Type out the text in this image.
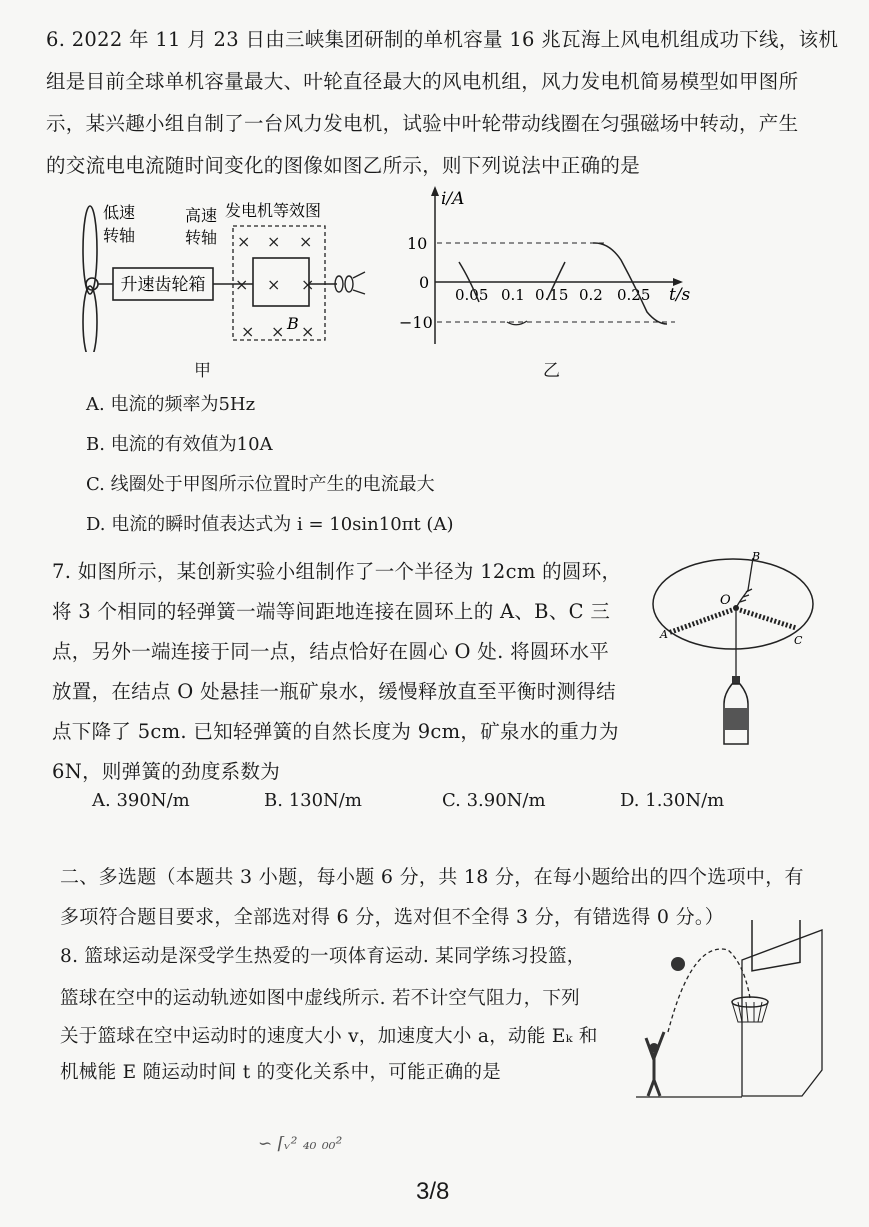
6. 2022 年 11 月 23 日由三峡集团研制的单机容量 16 兆瓦海上风电机组成功下线，该机
组是目前全球单机容量最大、叶轮直径最大的风电机组，风力发电机简易模型如甲图所
示，某兴趣小组自制了一台风力发电机，试验中叶轮带动线圈在匀强磁场中转动，产生
的交流电电流随时间变化的图像如图乙所示，则下列说法中正确的是
升速齿轮箱
低速
转轴
高速
转轴
发电机等效图
× × ×
× × ×
× × ×
B
甲
i/A
t/s
10
0
−10
0.05 0.1 0.15 0.2 0.25
乙
A. 电流的频率为5Hz
B. 电流的有效值为10A
C. 线圈处于甲图所示位置时产生的电流最大
D. 电流的瞬时值表达式为 i = 10sin10πt (A)
7. 如图所示，某创新实验小组制作了一个半径为 12cm 的圆环，
将 3 个相同的轻弹簧一端等间距地连接在圆环上的 A、B、C 三
点，另外一端连接于同一点，结点恰好在圆心 O 处. 将圆环水平
放置，在结点 O 处悬挂一瓶矿泉水，缓慢释放直至平衡时测得结
点下降了 5cm. 已知轻弹簧的自然长度为 9cm，矿泉水的重力为
6N，则弹簧的劲度系数为
O
B
A	C
A. 390N/m	B. 130N/m	C. 3.90N/m	D. 1.30N/m
二、多选题（本题共 3 小题，每小题 6 分，共 18 分，在每小题给出的四个选项中，有
多项符合题目要求，全部选对得 6 分，选对但不全得 3 分，有错选得 0 分。）
8. 篮球运动是深受学生热爱的一项体育运动. 某同学练习投篮，
篮球在空中的运动轨迹如图中虚线所示. 若不计空气阻力，下列
关于篮球在空中运动时的速度大小 v，加速度大小 a，动能 Eₖ 和
机械能 E 随运动时间 t 的变化关系中，可能正确的是
∽ ⌈ᵥ² ₄₀ ₀₀²
3/8
